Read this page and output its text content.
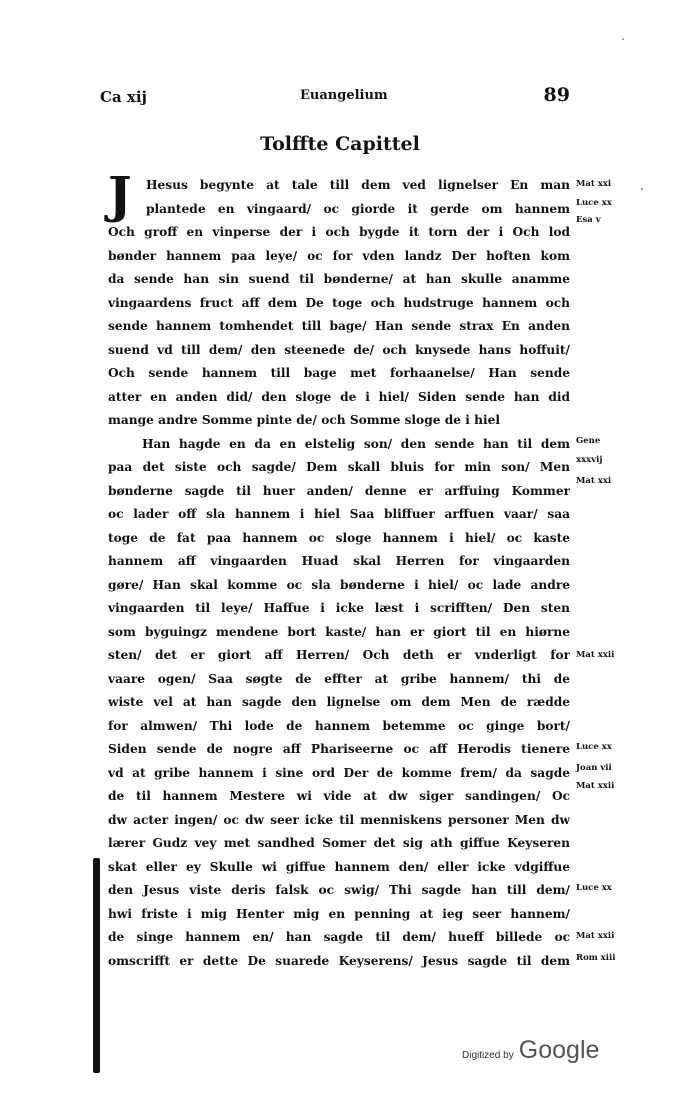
Ca xij	Euangelium	89
Tolffte Capittel
J	Hesus begynte at tale till dem ved lignelser En man
plantede en vingaard/ oc giorde it gerde om hannem
Och groff en vinperse der i och bygde it torn der i Och lod
bønder hannem paa leye/ oc for vden landz Der hoften kom
da sende han sin suend til bønderne/ at han skulle anamme
vingaardens fruct aff dem De toge och hudstruge hannem och
sende hannem tomhendet till bage/ Han sende strax En anden
suend vd till dem/ den steenede de/ och knysede hans hoffuit/
Och sende hannem till bage met forhaanelse/ Han sende
atter en anden did/ den sloge de i hiel/ Siden sende han did
mange andre Somme pinte de/ och Somme sloge de i hiel
Han hagde en da en elstelig son/ den sende han til dem
paa det siste och sagde/ Dem skall bluis for min son/ Men
bønderne sagde til huer anden/ denne er arffuing Kommer
oc lader off sla hannem i hiel Saa bliffuer arffuen vaar/ saa
toge de fat paa hannem oc sloge hannem i hiel/ oc kaste
hannem aff vingaarden Huad skal Herren for vingaarden
gøre/ Han skal komme oc sla bønderne i hiel/ oc lade andre
vingaarden til leye/ Haffue i icke læst i scrifften/ Den sten
som byguingz mendene bort kaste/ han er giort til en hiørne
sten/ det er giort aff Herren/ Och deth er vnderligt for
vaare ogen/ Saa søgte de effter at gribe hannem/ thi de
wiste vel at han sagde den lignelse om dem Men de rædde
for almwen/ Thi lode de hannem betemme oc ginge bort/
Siden sende de nogre aff Phariseerne oc aff Herodis tienere
vd at gribe hannem i sine ord Der de komme frem/ da sagde
de til hannem Mestere wi vide at dw siger sandingen/ Oc
dw acter ingen/ oc dw seer icke til menniskens personer Men dw
lærer Gudz vey met sandhed Somer det sig ath giffue Keyseren
skat eller ey Skulle wi giffue hannem den/ eller icke vdgiffue
den Jesus viste deris falsk oc swig/ Thi sagde han till dem/
hwi friste i mig Henter mig en penning at ieg seer hannem/
de singe hannem en/ han sagde til dem/ hueff billede oc
omscrifft er dette De suarede Keyserens/ Jesus sagde til dem
Mat xxi
Luce xx
Esa v
Gene
xxxvij
Mat xxi
Mat xxii
Luce xx
Joan vii
Mat xxii
Luce xx
Mat xxii
Rom xiii
Digitized by Google
